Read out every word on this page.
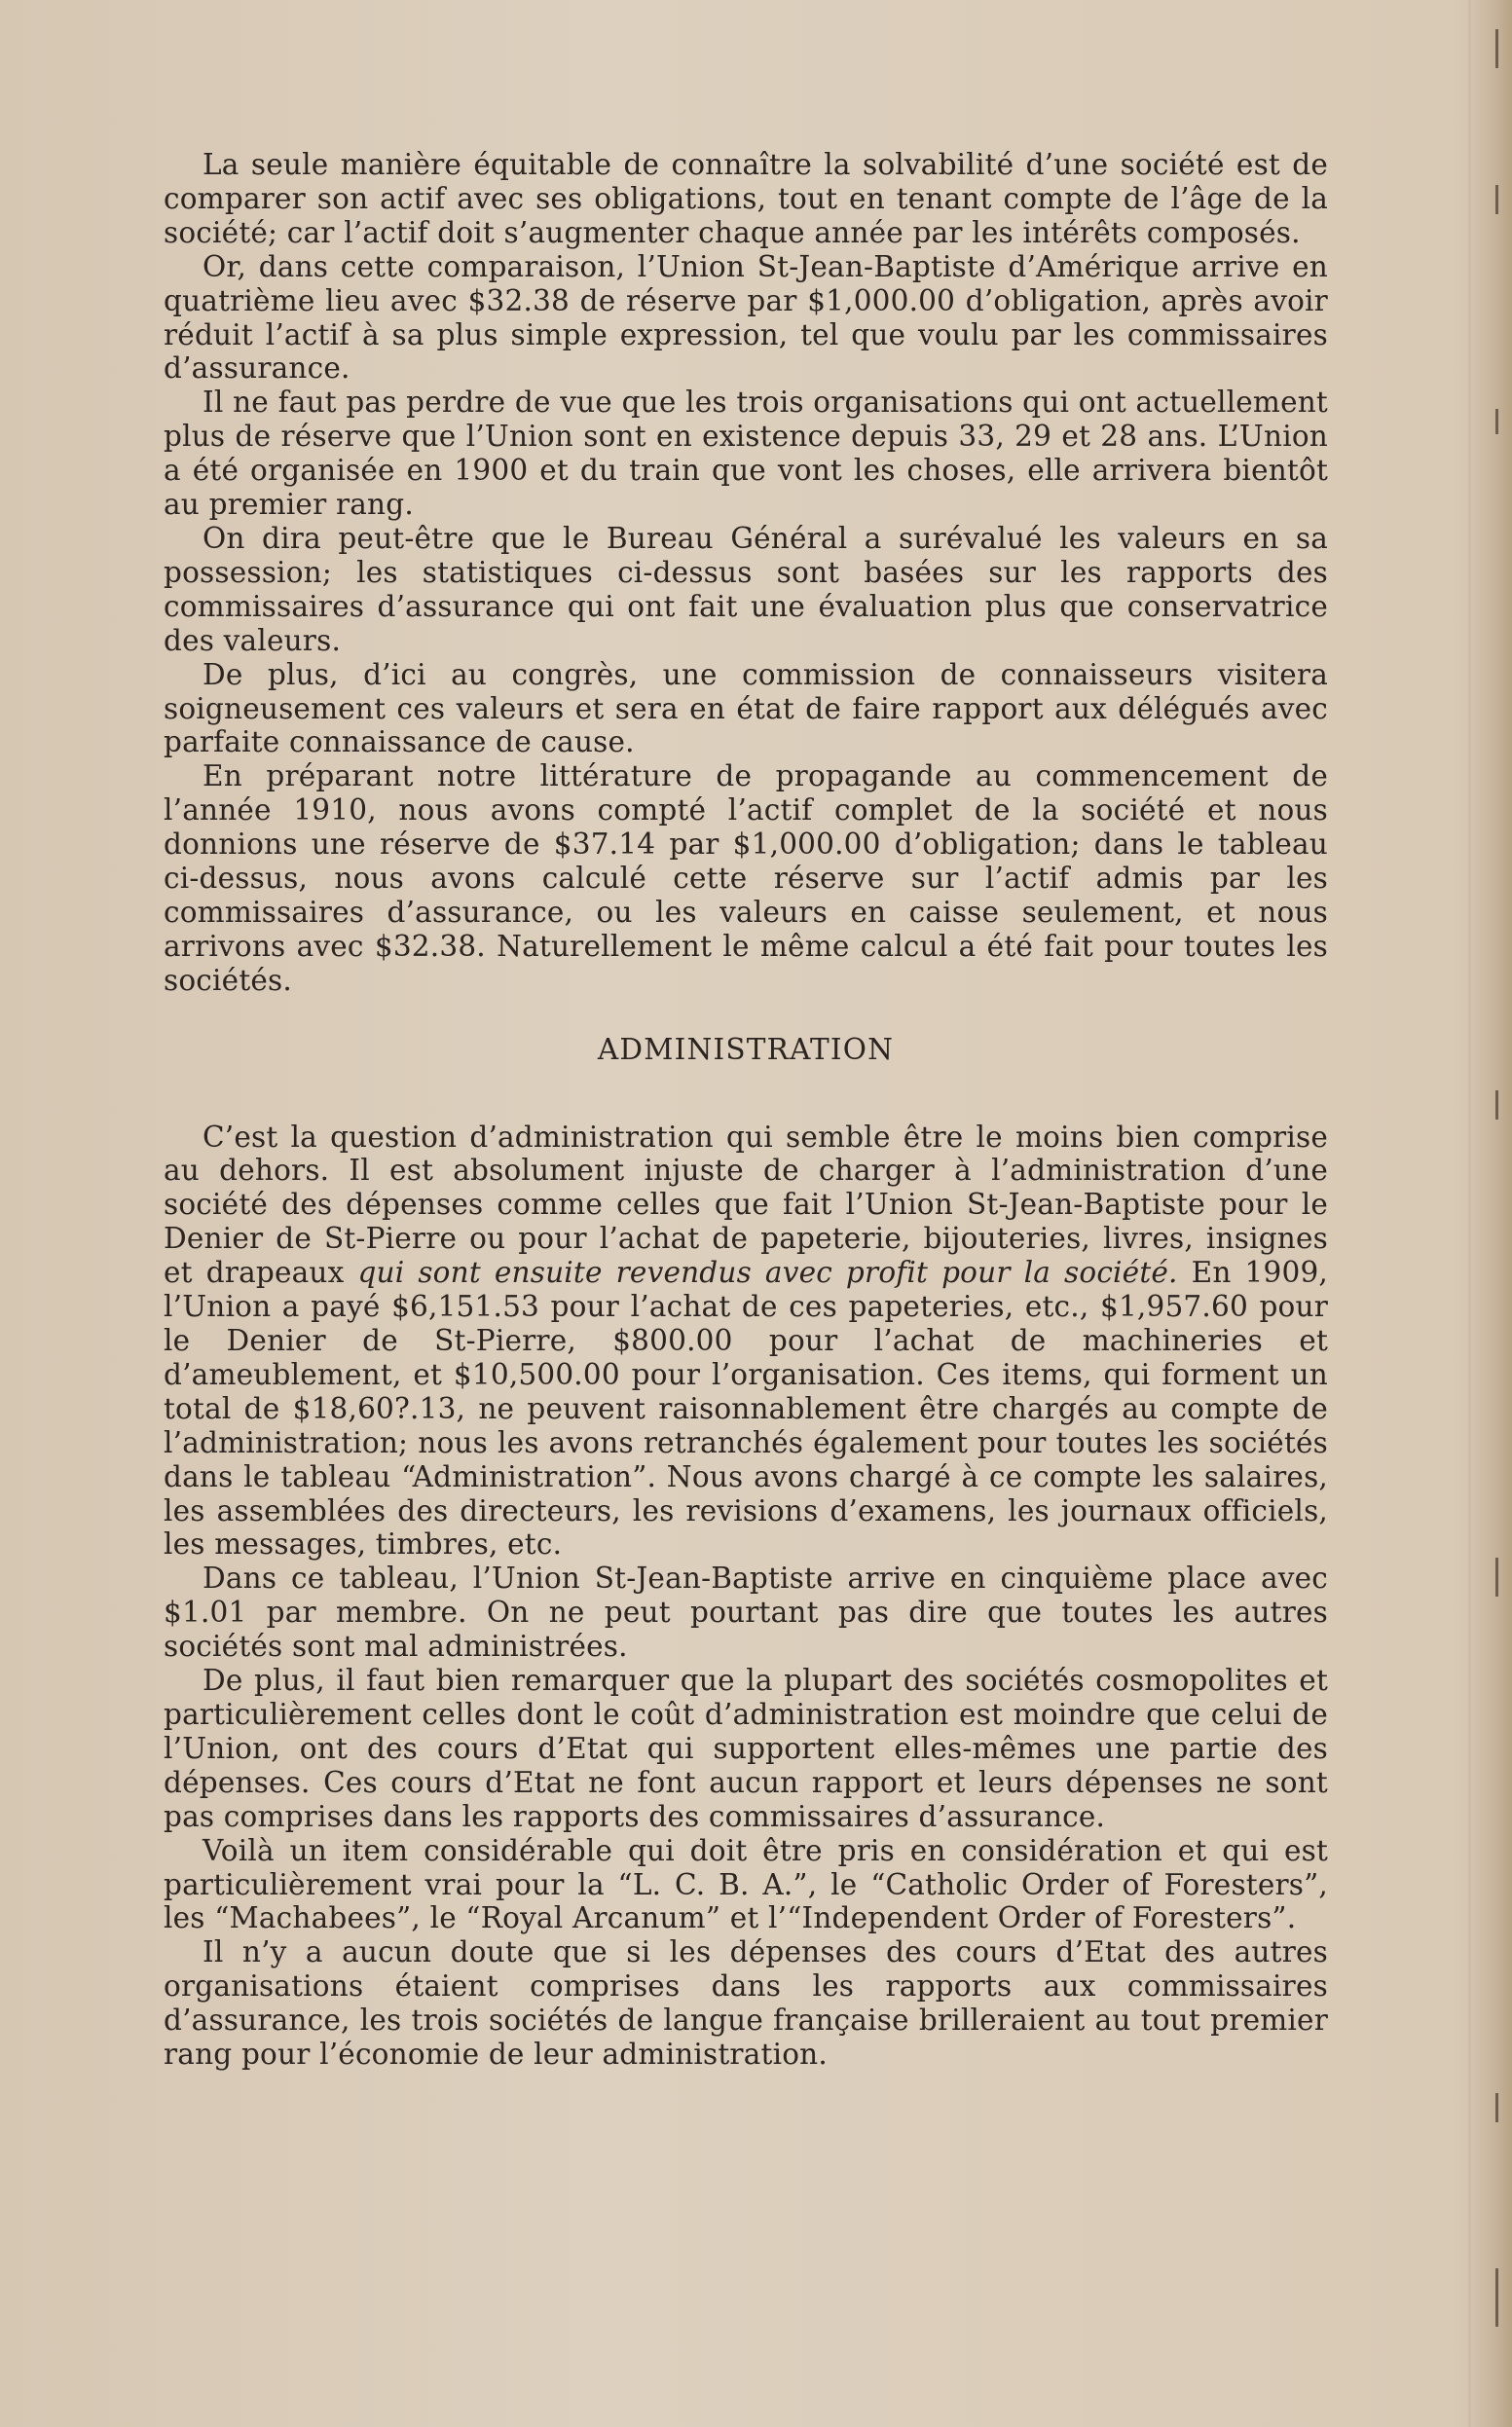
La seule manière équitable de connaître la solvabilité d’une société est de comparer son actif avec ses obligations, tout en tenant compte de l’âge de la société; car l’actif doit s’augmenter chaque année par les intérêts composés.

Or, dans cette comparaison, l’Union St-Jean-Baptiste d’Amérique arrive en quatrième lieu avec $32.38 de réserve par $1,000.00 d’obligation, après avoir réduit l’actif à sa plus simple expression, tel que voulu par les commissaires d’assurance.

Il ne faut pas perdre de vue que les trois organisations qui ont actuellement plus de réserve que l’Union sont en existence depuis 33, 29 et 28 ans. L’Union a été organisée en 1900 et du train que vont les choses, elle arrivera bientôt au premier rang.

On dira peut-être que le Bureau Général a surévalué les valeurs en sa possession; les statistiques ci-dessus sont basées sur les rapports des commissaires d’assurance qui ont fait une évaluation plus que conservatrice des valeurs.

De plus, d’ici au congrès, une commission de connaisseurs visitera soigneusement ces valeurs et sera en état de faire rapport aux délégués avec parfaite connaissance de cause.

En préparant notre littérature de propagande au commencement de l’année 1910, nous avons compté l’actif complet de la société et nous donnions une réserve de $37.14 par $1,000.00 d’obligation; dans le tableau ci-dessus, nous avons calculé cette réserve sur l’actif admis par les commissaires d’assurance, ou les valeurs en caisse seulement, et nous arrivons avec $32.38. Naturellement le même calcul a été fait pour toutes les sociétés.

ADMINISTRATION

C’est la question d’administration qui semble être le moins bien comprise au dehors. Il est absolument injuste de charger à l’administration d’une société des dépenses comme celles que fait l’Union St-Jean-Baptiste pour le Denier de St-Pierre ou pour l’achat de papeterie, bijouteries, livres, insignes et drapeaux qui sont ensuite revendus avec profit pour la société. En 1909, l’Union a payé $6,151.53 pour l’achat de ces papeteries, etc., $1,957.60 pour le Denier de St-Pierre, $800.00 pour l’achat de machineries et d’ameublement, et $10,500.00 pour l’organisation. Ces items, qui forment un total de $18,60?.13, ne peuvent raisonnablement être chargés au compte de l’administration; nous les avons retranchés également pour toutes les sociétés dans le tableau “Administration”. Nous avons chargé à ce compte les salaires, les assemblées des directeurs, les revisions d’examens, les journaux officiels, les messages, timbres, etc.

Dans ce tableau, l’Union St-Jean-Baptiste arrive en cinquième place avec $1.01 par membre. On ne peut pourtant pas dire que toutes les autres sociétés sont mal administrées.

De plus, il faut bien remarquer que la plupart des sociétés cosmopolites et particulièrement celles dont le coût d’administration est moindre que celui de l’Union, ont des cours d’Etat qui supportent elles-mêmes une partie des dépenses. Ces cours d’Etat ne font aucun rapport et leurs dépenses ne sont pas comprises dans les rapports des commissaires d’assurance.

Voilà un item considérable qui doit être pris en considération et qui est particulièrement vrai pour la “L. C. B. A.”, le “Catholic Order of Foresters”, les “Machabees”, le “Royal Arcanum” et l’“Independent Order of Foresters”.

Il n’y a aucun doute que si les dépenses des cours d’Etat des autres organisations étaient comprises dans les rapports aux commissaires d’assurance, les trois sociétés de langue française brilleraient au tout premier rang pour l’économie de leur administration.
